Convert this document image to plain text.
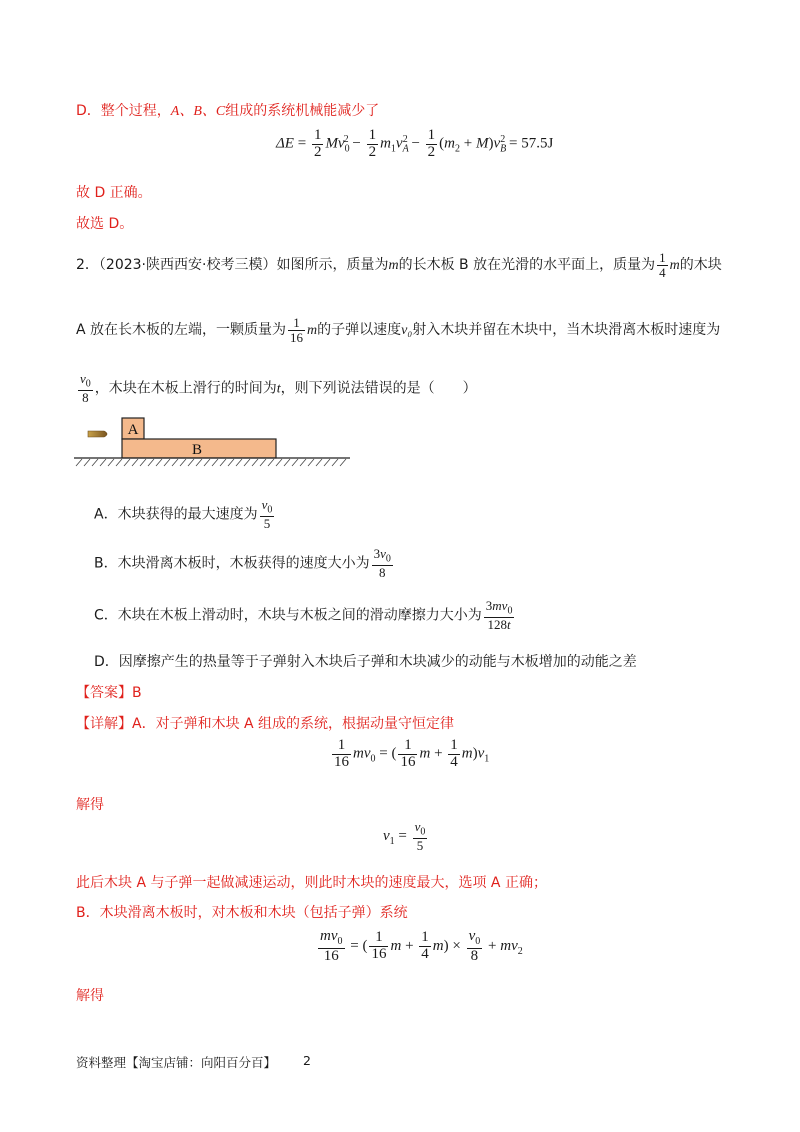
D．整个过程，A、B、C组成的系统机械能减少了
$\Delta E = \frac{1}{2} Mv_0^2 - \frac{1}{2} m_1v_A^2 - \frac{1}{2} (m_2 + M)v_B^2 = 57.5J$
故 D 正确。
故选 D。
2．（2023·陕西西安·校考三模）如图所示，质量为m的长木板 B 放在光滑的水平面上，质量为 $\frac{1}{4}$ m的木块
A 放在长木板的左端，一颗质量为 $\frac{1}{16}$ m的子弹以速度v₀射入木块并留在木块中，当木块滑离木板时速度为
$\frac{v_0}{8}$ ，木块在木板上滑行的时间为t，则下列说法错误的是（　　）
A
B
A．木块获得的最大速度为 $\frac{v_0}{5}$
B．木块滑离木板时，木板获得的速度大小为 $\frac{3v_0}{8}$
C．木块在木板上滑动时，木块与木板之间的滑动摩擦力大小为 $\frac{3mv_0}{128t}$
D．因摩擦产生的热量等于子弹射入木块后子弹和木块减少的动能与木板增加的动能之差
【答案】B
【详解】A．对子弹和木块 A 组成的系统，根据动量守恒定律
$\frac{1}{16} mv_0$ = ( $\frac{1}{16}$ $m + \frac{1}{4} m)v_1$
解得
$v_1 = \frac{v_0}{5}$
此后木块 A 与子弹一起做减速运动，则此时木块的速度最大，选项 A 正确；
B．木块滑离木板时，对木板和木块（包括子弹）系统
$\frac{mv_0}{16}$ = ( $\frac{1}{16}$ $m + \frac{1}{4} m) \times \frac{v_0}{8} + mv_2$
解得
资料整理【淘宝店铺：向阳百分百】 2
